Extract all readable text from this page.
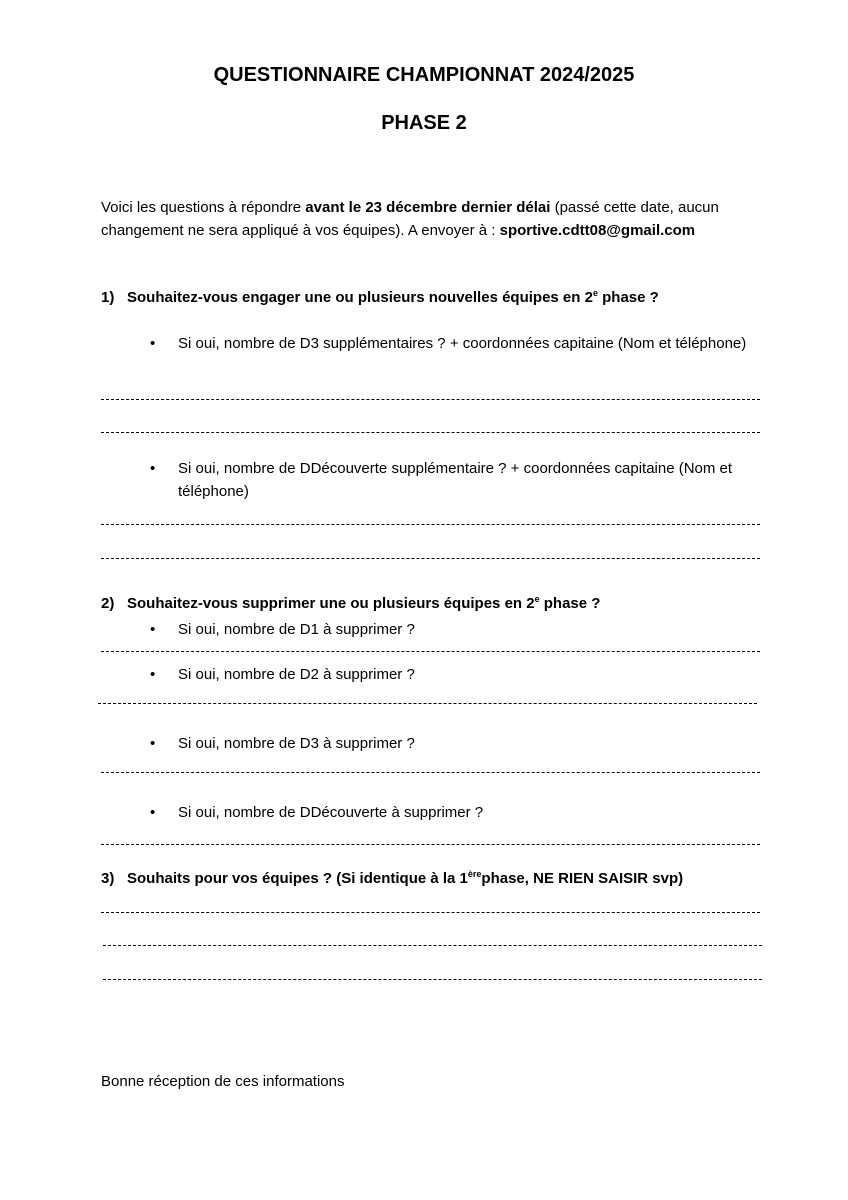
QUESTIONNAIRE CHAMPIONNAT 2024/2025
PHASE 2
Voici les questions à répondre avant le 23 décembre dernier délai (passé cette date, aucun changement ne sera appliqué à vos équipes). A envoyer à : sportive.cdtt08@gmail.com
1) Souhaitez-vous engager une ou plusieurs nouvelles équipes en 2e phase ?
• Si oui, nombre de D3 supplémentaires ? + coordonnées capitaine (Nom et téléphone)
• Si oui, nombre de DDécouverte supplémentaire ? + coordonnées capitaine (Nom et téléphone)
2) Souhaitez-vous supprimer une ou plusieurs équipes en 2e phase ?
• Si oui, nombre de D1 à supprimer ?
• Si oui, nombre de D2 à supprimer ?
• Si oui, nombre de D3 à supprimer ?
• Si oui, nombre de DDécouverte à supprimer ?
3) Souhaits pour vos équipes ? (Si identique à la 1èrephase, NE RIEN SAISIR svp)
Bonne réception de ces informations
